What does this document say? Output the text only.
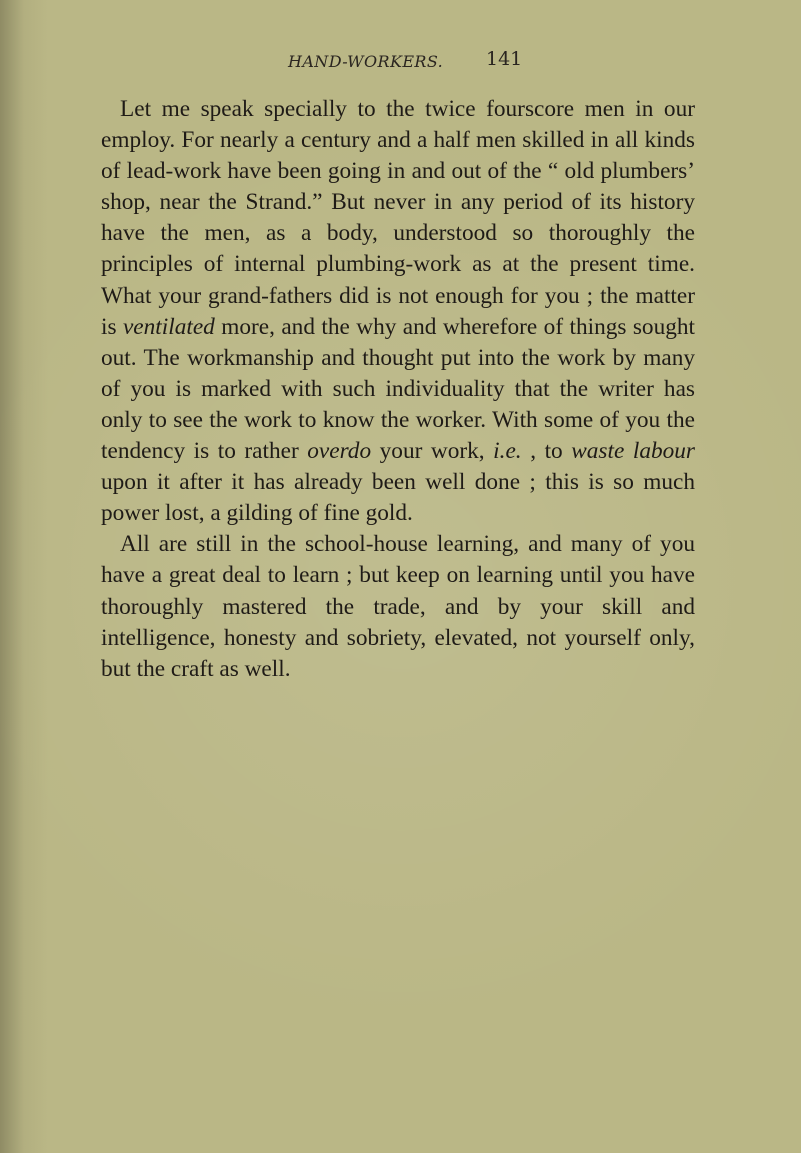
HAND-WORKERS. 141

Let me speak specially to the twice fourscore men in our employ. For nearly a century and a half men skilled in all kinds of lead-work have been going in and out of the “ old plumbers’ shop, near the Strand.” But never in any period of its history have the men, as a body, understood so thoroughly the principles of internal plumbing-work as at the present time. What your grand-fathers did is not enough for you ; the matter is ventilated more, and the why and wherefore of things sought out. The workmanship and thought put into the work by many of you is marked with such individuality that the writer has only to see the work to know the worker. With some of you the tendency is to rather overdo your work, i.e. , to waste labour upon it after it has already been well done ; this is so much power lost, a gilding of fine gold.

All are still in the school-house learning, and many of you have a great deal to learn ; but keep on learning until you have thoroughly mastered the trade, and by your skill and intelligence, honesty and sobriety, elevated, not yourself only, but the craft as well.
